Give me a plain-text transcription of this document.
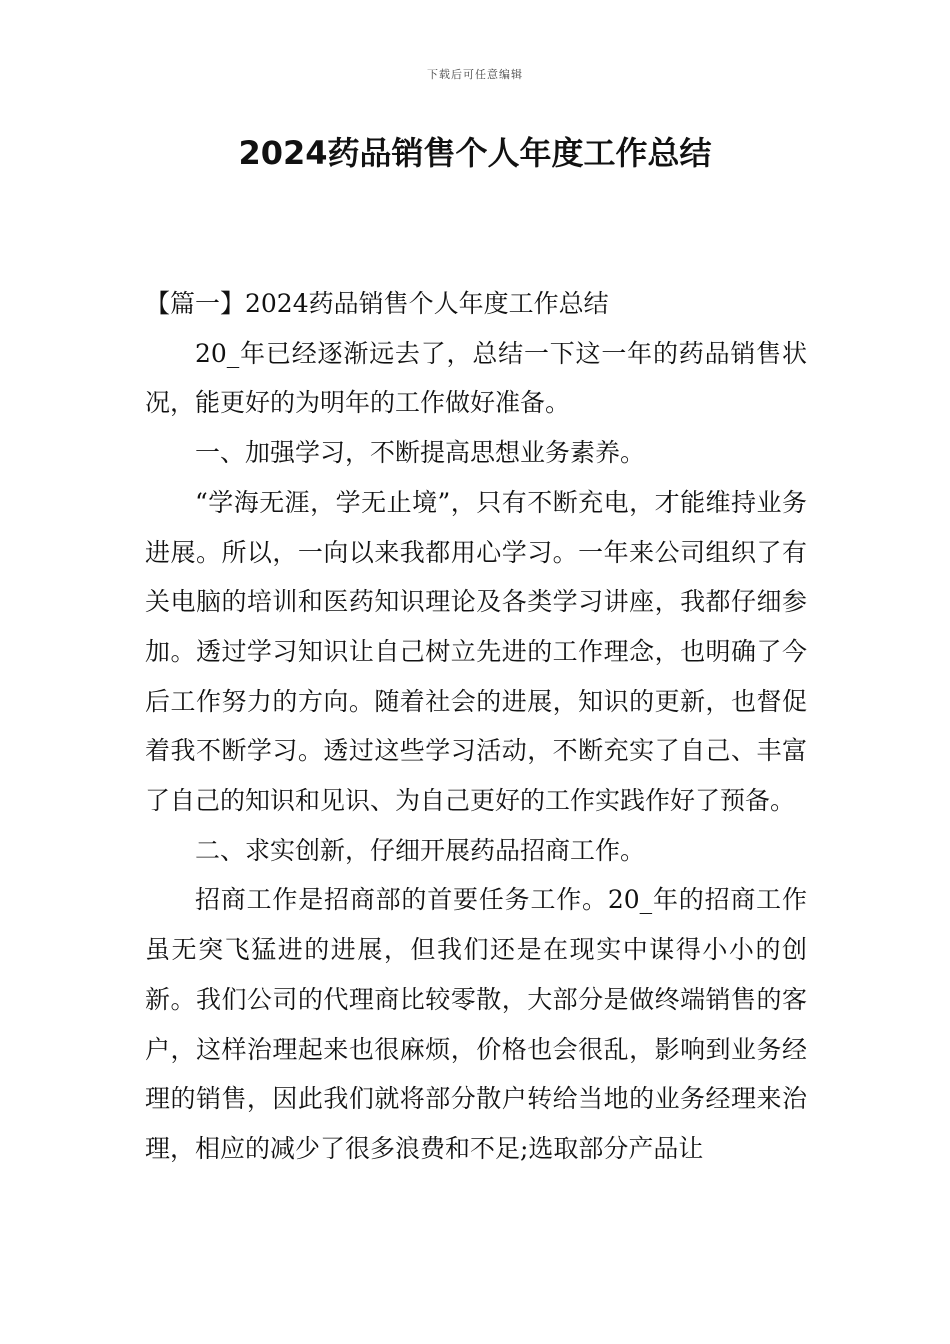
下载后可任意编辑
2024药品销售个人年度工作总结

【篇一】2024药品销售个人年度工作总结

20_年已经逐渐远去了，总结一下这一年的药品销售状况，能更好的为明年的工作做好准备。

一、加强学习，不断提高思想业务素养。

“学海无涯，学无止境”，只有不断充电，才能维持业务进展。所以，一向以来我都用心学习。一年来公司组织了有关电脑的培训和医药知识理论及各类学习讲座，我都仔细参加。透过学习知识让自己树立先进的工作理念，也明确了今后工作努力的方向。随着社会的进展，知识的更新，也督促着我不断学习。透过这些学习活动，不断充实了自己、丰富了自己的知识和见识、为自己更好的工作实践作好了预备。

二、求实创新，仔细开展药品招商工作。

招商工作是招商部的首要任务工作。20_年的招商工作虽无突飞猛进的进展，但我们还是在现实中谋得小小的创新。我们公司的代理商比较零散，大部分是做终端销售的客户，这样治理起来也很麻烦，价格也会很乱，影响到业务经理的销售，因此我们就将部分散户转给当地的业务经理来治理，相应的减少了很多浪费和不足;选取部分产品让
